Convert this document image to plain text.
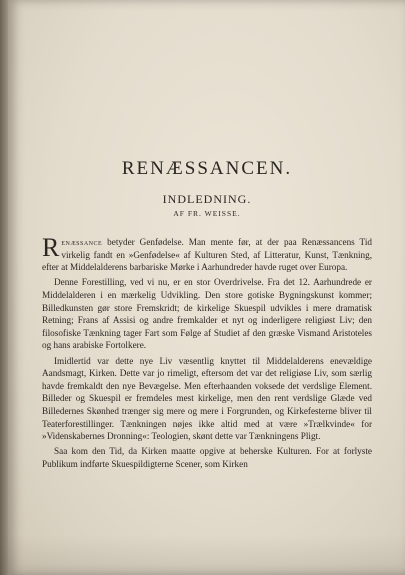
RENÆSSANCEN.
INDLEDNING.
AF FR. WEISSE.

Renæssance betyder Genfødelse. Man mente før, at der paa Renæssancens Tid virkelig fandt en »Genfødelse« af Kulturen Sted, af Litteratur, Kunst, Tænkning, efter at Middelalderens barbariske Mørke i Aarhundreder havde ruget over Europa.

Denne Forestilling, ved vi nu, er en stor Overdrivelse. Fra det 12. Aarhundrede er Middelalderen i en mærkelig Udvikling. Den store gotiske Bygningskunst kommer; Billedkunsten gør store Fremskridt; de kirkelige Skuespil udvikles i mere dramatisk Retning; Frans af Assisi og andre fremkalder et nyt og inderligere religiøst Liv; den filosofiske Tænkning tager Fart som Følge af Studiet af den græske Vismand Aristoteles og hans arabiske Fortolkere.

Imidlertid var dette nye Liv væsentlig knyttet til Middelalderens enevældige Aandsmagt, Kirken. Dette var jo rimeligt, eftersom det var det religiøse Liv, som særlig havde fremkaldt den nye Bevægelse. Men efterhaanden voksede det verdslige Element. Billeder og Skuespil er fremdeles mest kirkelige, men den rent verdslige Glæde ved Billedernes Skønhed trænger sig mere og mere i Forgrunden, og Kirkefesterne bliver til Teaterforestillinger. Tænkningen nøjes ikke altid med at være »Trælkvinde« for »Videnskabernes Dronning«: Teologien, skønt dette var Tænkningens Pligt.

Saa kom den Tid, da Kirken maatte opgive at beherske Kulturen. For at forlyste Publikum indførte Skuespildigterne Scener, som Kirken
